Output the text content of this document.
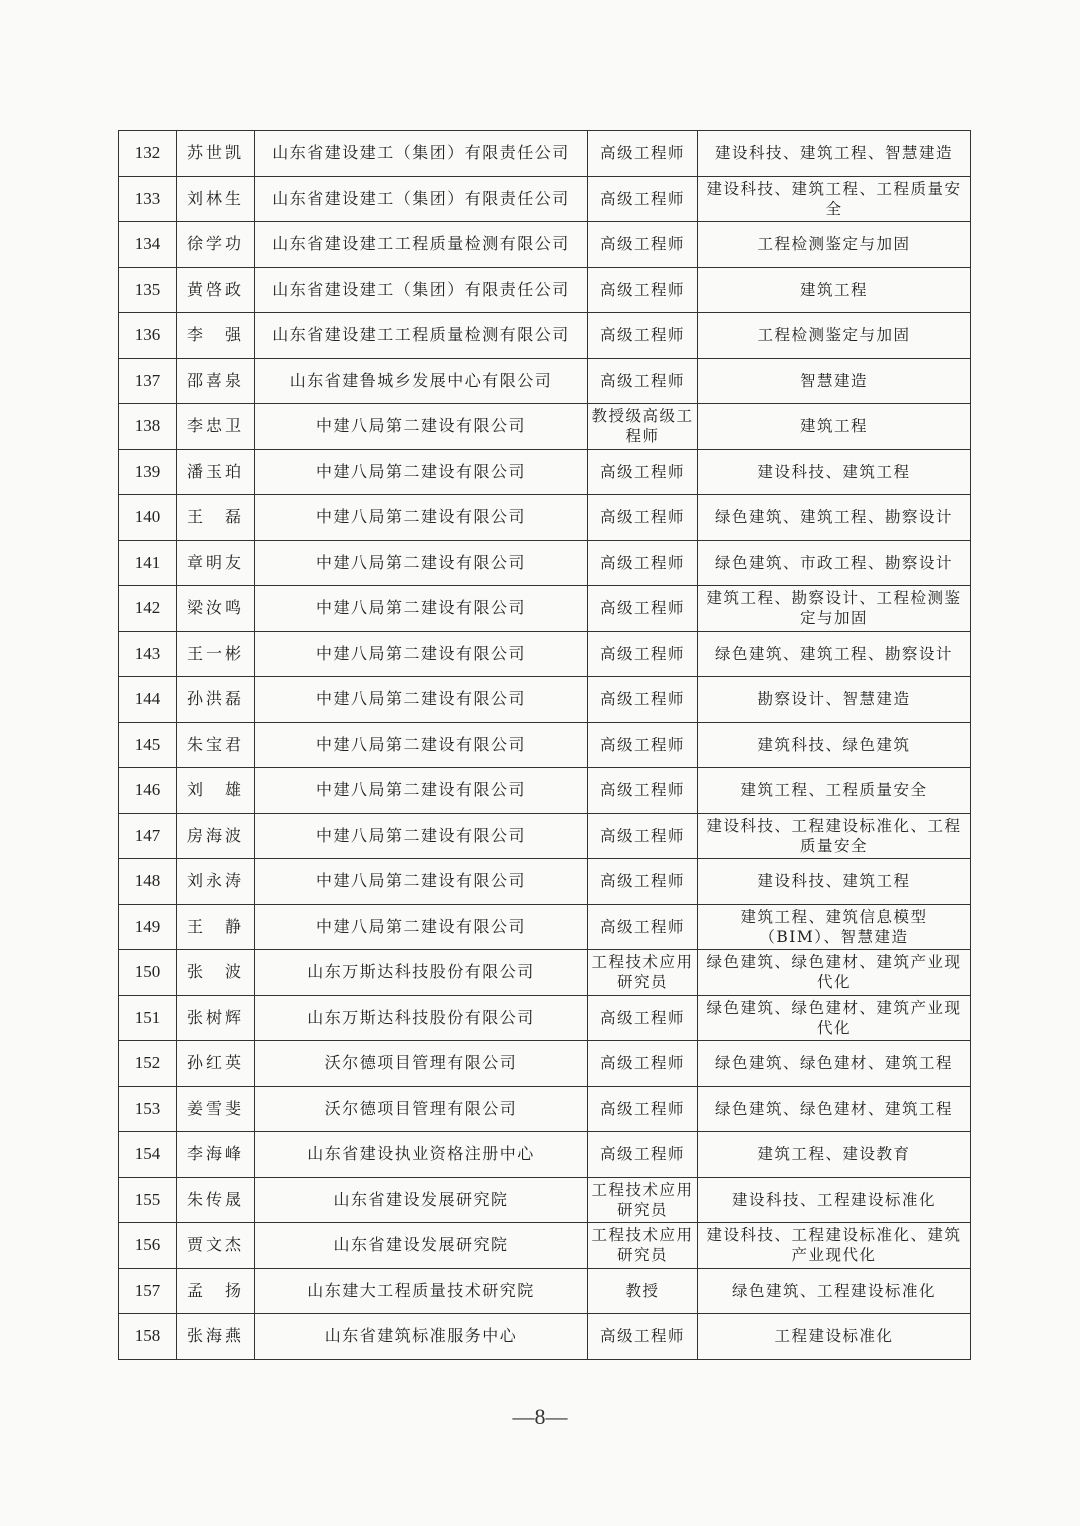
132	苏世凯	山东省建设建工（集团）有限责任公司	高级工程师	建设科技、建筑工程、智慧建造
133	刘林生	山东省建设建工（集团）有限责任公司	高级工程师	建设科技、建筑工程、工程质量安全
134	徐学功	山东省建设建工工程质量检测有限公司	高级工程师	工程检测鉴定与加固
135	黄啓政	山东省建设建工（集团）有限责任公司	高级工程师	建筑工程
136	李　强	山东省建设建工工程质量检测有限公司	高级工程师	工程检测鉴定与加固
137	邵喜泉	山东省建鲁城乡发展中心有限公司	高级工程师	智慧建造
138	李忠卫	中建八局第二建设有限公司	教授级高级工程师	建筑工程
139	潘玉珀	中建八局第二建设有限公司	高级工程师	建设科技、建筑工程
140	王　磊	中建八局第二建设有限公司	高级工程师	绿色建筑、建筑工程、勘察设计
141	章明友	中建八局第二建设有限公司	高级工程师	绿色建筑、市政工程、勘察设计
142	梁汝鸣	中建八局第二建设有限公司	高级工程师	建筑工程、勘察设计、工程检测鉴定与加固
143	王一彬	中建八局第二建设有限公司	高级工程师	绿色建筑、建筑工程、勘察设计
144	孙洪磊	中建八局第二建设有限公司	高级工程师	勘察设计、智慧建造
145	朱宝君	中建八局第二建设有限公司	高级工程师	建筑科技、绿色建筑
146	刘　雄	中建八局第二建设有限公司	高级工程师	建筑工程、工程质量安全
147	房海波	中建八局第二建设有限公司	高级工程师	建设科技、工程建设标准化、工程质量安全
148	刘永涛	中建八局第二建设有限公司	高级工程师	建设科技、建筑工程
149	王　静	中建八局第二建设有限公司	高级工程师	建筑工程、建筑信息模型（BIM）、智慧建造
150	张　波	山东万斯达科技股份有限公司	工程技术应用研究员	绿色建筑、绿色建材、建筑产业现代化
151	张树辉	山东万斯达科技股份有限公司	高级工程师	绿色建筑、绿色建材、建筑产业现代化
152	孙红英	沃尔德项目管理有限公司	高级工程师	绿色建筑、绿色建材、建筑工程
153	姜雪斐	沃尔德项目管理有限公司	高级工程师	绿色建筑、绿色建材、建筑工程
154	李海峰	山东省建设执业资格注册中心	高级工程师	建筑工程、建设教育
155	朱传晟	山东省建设发展研究院	工程技术应用研究员	建设科技、工程建设标准化
156	贾文杰	山东省建设发展研究院	工程技术应用研究员	建设科技、工程建设标准化、建筑产业现代化
157	孟　扬	山东建大工程质量技术研究院	教授	绿色建筑、工程建设标准化
158	张海燕	山东省建筑标准服务中心	高级工程师	工程建设标准化
—8—
